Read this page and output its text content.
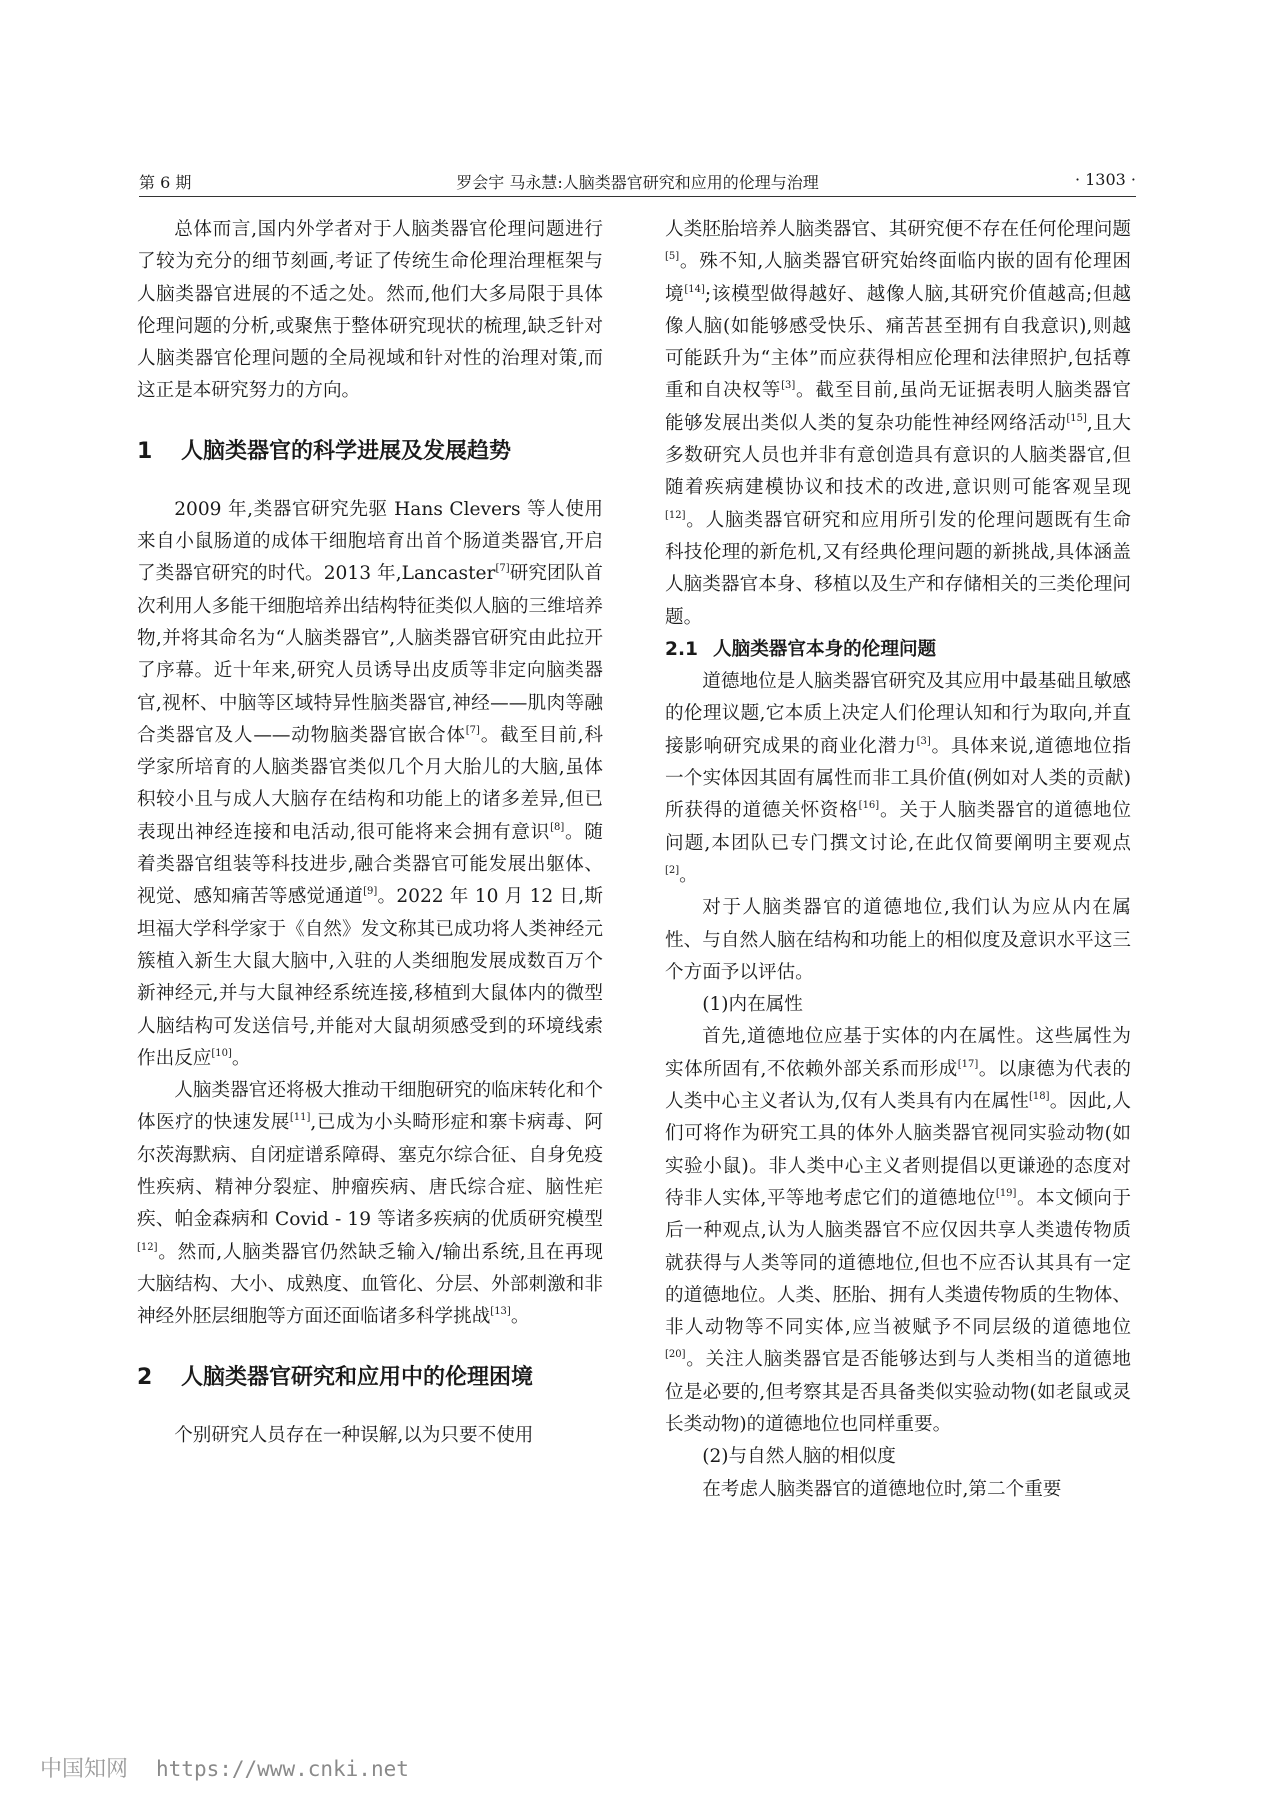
第 6 期	罗会宇 马永慧:人脑类器官研究和应用的伦理与治理	· 1303 ·

总体而言,国内外学者对于人脑类器官伦理问题进行了较为充分的细节刻画,考证了传统生命伦理治理框架与人脑类器官进展的不适之处。然而,他们大多局限于具体伦理问题的分析,或聚焦于整体研究现状的梳理,缺乏针对人脑类器官伦理问题的全局视域和针对性的治理对策,而这正是本研究努力的方向。

1 人脑类器官的科学进展及发展趋势

2009 年,类器官研究先驱 Hans Clevers 等人使用来自小鼠肠道的成体干细胞培育出首个肠道类器官,开启了类器官研究的时代。2013 年,Lancaster[7]研究团队首次利用人多能干细胞培养出结构特征类似人脑的三维培养物,并将其命名为“人脑类器官”,人脑类器官研究由此拉开了序幕。近十年来,研究人员诱导出皮质等非定向脑类器官,视杯、中脑等区域特异性脑类器官,神经——肌肉等融合类器官及人——动物脑类器官嵌合体[7]。截至目前,科学家所培育的人脑类器官类似几个月大胎儿的大脑,虽体积较小且与成人大脑存在结构和功能上的诸多差异,但已表现出神经连接和电活动,很可能将来会拥有意识[8]。随着类器官组装等科技进步,融合类器官可能发展出躯体、视觉、感知痛苦等感觉通道[9]。2022 年 10 月 12 日,斯坦福大学科学家于《自然》发文称其已成功将人类神经元簇植入新生大鼠大脑中,入驻的人类细胞发展成数百万个新神经元,并与大鼠神经系统连接,移植到大鼠体内的微型人脑结构可发送信号,并能对大鼠胡须感受到的环境线索作出反应[10]。

人脑类器官还将极大推动干细胞研究的临床转化和个体医疗的快速发展[11],已成为小头畸形症和寨卡病毒、阿尔茨海默病、自闭症谱系障碍、塞克尔综合征、自身免疫性疾病、精神分裂症、肿瘤疾病、唐氏综合症、脑性疟疾、帕金森病和 Covid - 19 等诸多疾病的优质研究模型[12]。然而,人脑类器官仍然缺乏输入/输出系统,且在再现大脑结构、大小、成熟度、血管化、分层、外部刺激和非神经外胚层细胞等方面还面临诸多科学挑战[13]。

2 人脑类器官研究和应用中的伦理困境

个别研究人员存在一种误解,以为只要不使用

人类胚胎培养人脑类器官、其研究便不存在任何伦理问题[5]。殊不知,人脑类器官研究始终面临内嵌的固有伦理困境[14];该模型做得越好、越像人脑,其研究价值越高;但越像人脑(如能够感受快乐、痛苦甚至拥有自我意识),则越可能跃升为“主体”而应获得相应伦理和法律照护,包括尊重和自决权等[3]。截至目前,虽尚无证据表明人脑类器官能够发展出类似人类的复杂功能性神经网络活动[15],且大多数研究人员也并非有意创造具有意识的人脑类器官,但随着疾病建模协议和技术的改进,意识则可能客观呈现[12]。人脑类器官研究和应用所引发的伦理问题既有生命科技伦理的新危机,又有经典伦理问题的新挑战,具体涵盖人脑类器官本身、移植以及生产和存储相关的三类伦理问题。

2.1 人脑类器官本身的伦理问题

道德地位是人脑类器官研究及其应用中最基础且敏感的伦理议题,它本质上决定人们伦理认知和行为取向,并直接影响研究成果的商业化潜力[3]。具体来说,道德地位指一个实体因其固有属性而非工具价值(例如对人类的贡献)所获得的道德关怀资格[16]。关于人脑类器官的道德地位问题,本团队已专门撰文讨论,在此仅简要阐明主要观点[2]。

对于人脑类器官的道德地位,我们认为应从内在属性、与自然人脑在结构和功能上的相似度及意识水平这三个方面予以评估。

(1)内在属性

首先,道德地位应基于实体的内在属性。这些属性为实体所固有,不依赖外部关系而形成[17]。以康德为代表的人类中心主义者认为,仅有人类具有内在属性[18]。因此,人们可将作为研究工具的体外人脑类器官视同实验动物(如实验小鼠)。非人类中心主义者则提倡以更谦逊的态度对待非人实体,平等地考虑它们的道德地位[19]。本文倾向于后一种观点,认为人脑类器官不应仅因共享人类遗传物质就获得与人类等同的道德地位,但也不应否认其具有一定的道德地位。人类、胚胎、拥有人类遗传物质的生物体、非人动物等不同实体,应当被赋予不同层级的道德地位[20]。关注人脑类器官是否能够达到与人类相当的道德地位是必要的,但考察其是否具备类似实验动物(如老鼠或灵长类动物)的道德地位也同样重要。

(2)与自然人脑的相似度

在考虑人脑类器官的道德地位时,第二个重要

中国知网 https://www.cnki.net
